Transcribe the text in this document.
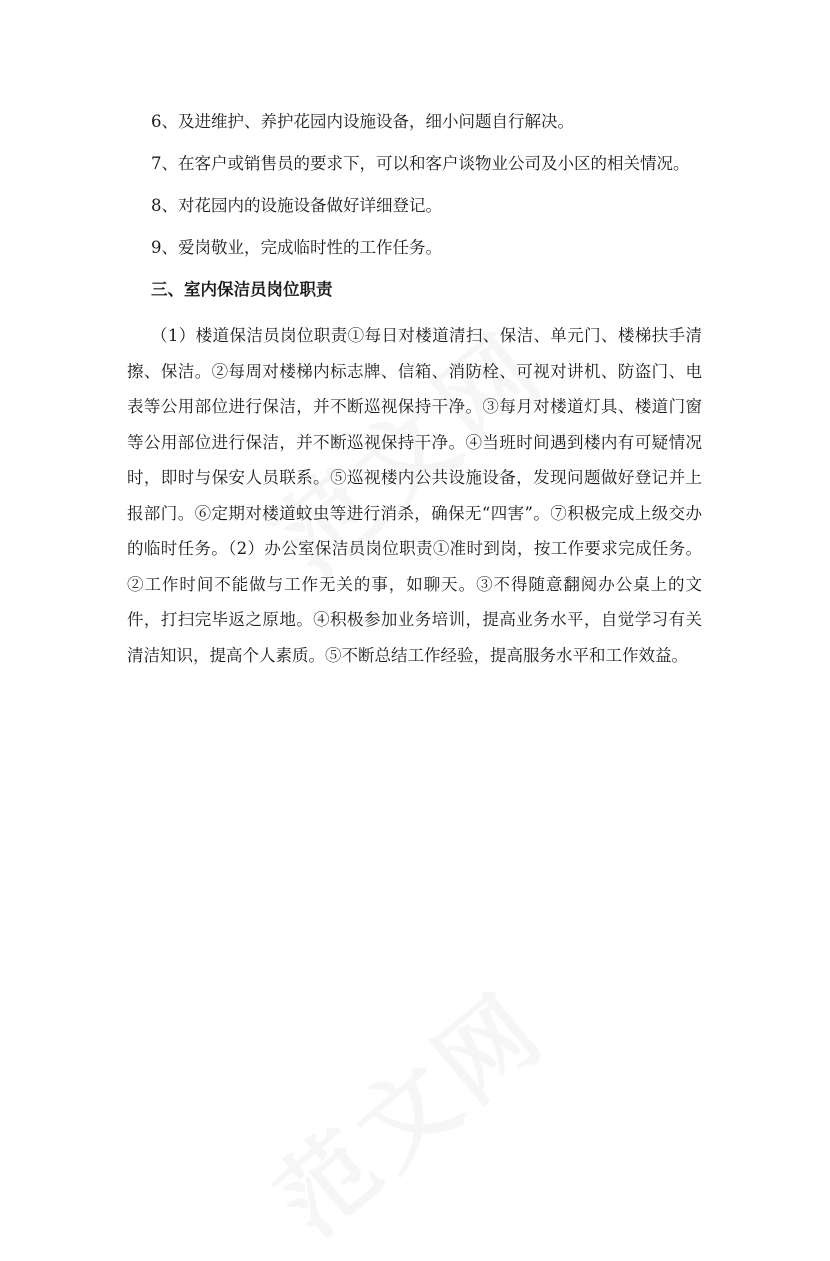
6、及进维护、养护花园内设施设备，细小问题自行解决。

7、在客户或销售员的要求下，可以和客户谈物业公司及小区的相关情况。

8、对花园内的设施设备做好详细登记。

9、爱岗敬业，完成临时性的工作任务。

三、室内保洁员岗位职责

（1）楼道保洁员岗位职责①每日对楼道清扫、保洁、单元门、楼梯扶手清擦、保洁。②每周对楼梯内标志牌、信箱、消防栓、可视对讲机、防盗门、电表等公用部位进行保洁，并不断巡视保持干净。③每月对楼道灯具、楼道门窗等公用部位进行保洁，并不断巡视保持干净。④当班时间遇到楼内有可疑情况时，即时与保安人员联系。⑤巡视楼内公共设施设备，发现问题做好登记并上报部门。⑥定期对楼道蚊虫等进行消杀，确保无“四害”。⑦积极完成上级交办的临时任务。（2）办公室保洁员岗位职责①准时到岗，按工作要求完成任务。②工作时间不能做与工作无关的事，如聊天。③不得随意翻阅办公桌上的文件，打扫完毕返之原地。④积极参加业务培训，提高业务水平，自觉学习有关清洁知识，提高个人素质。⑤不断总结工作经验，提高服务水平和工作效益。
